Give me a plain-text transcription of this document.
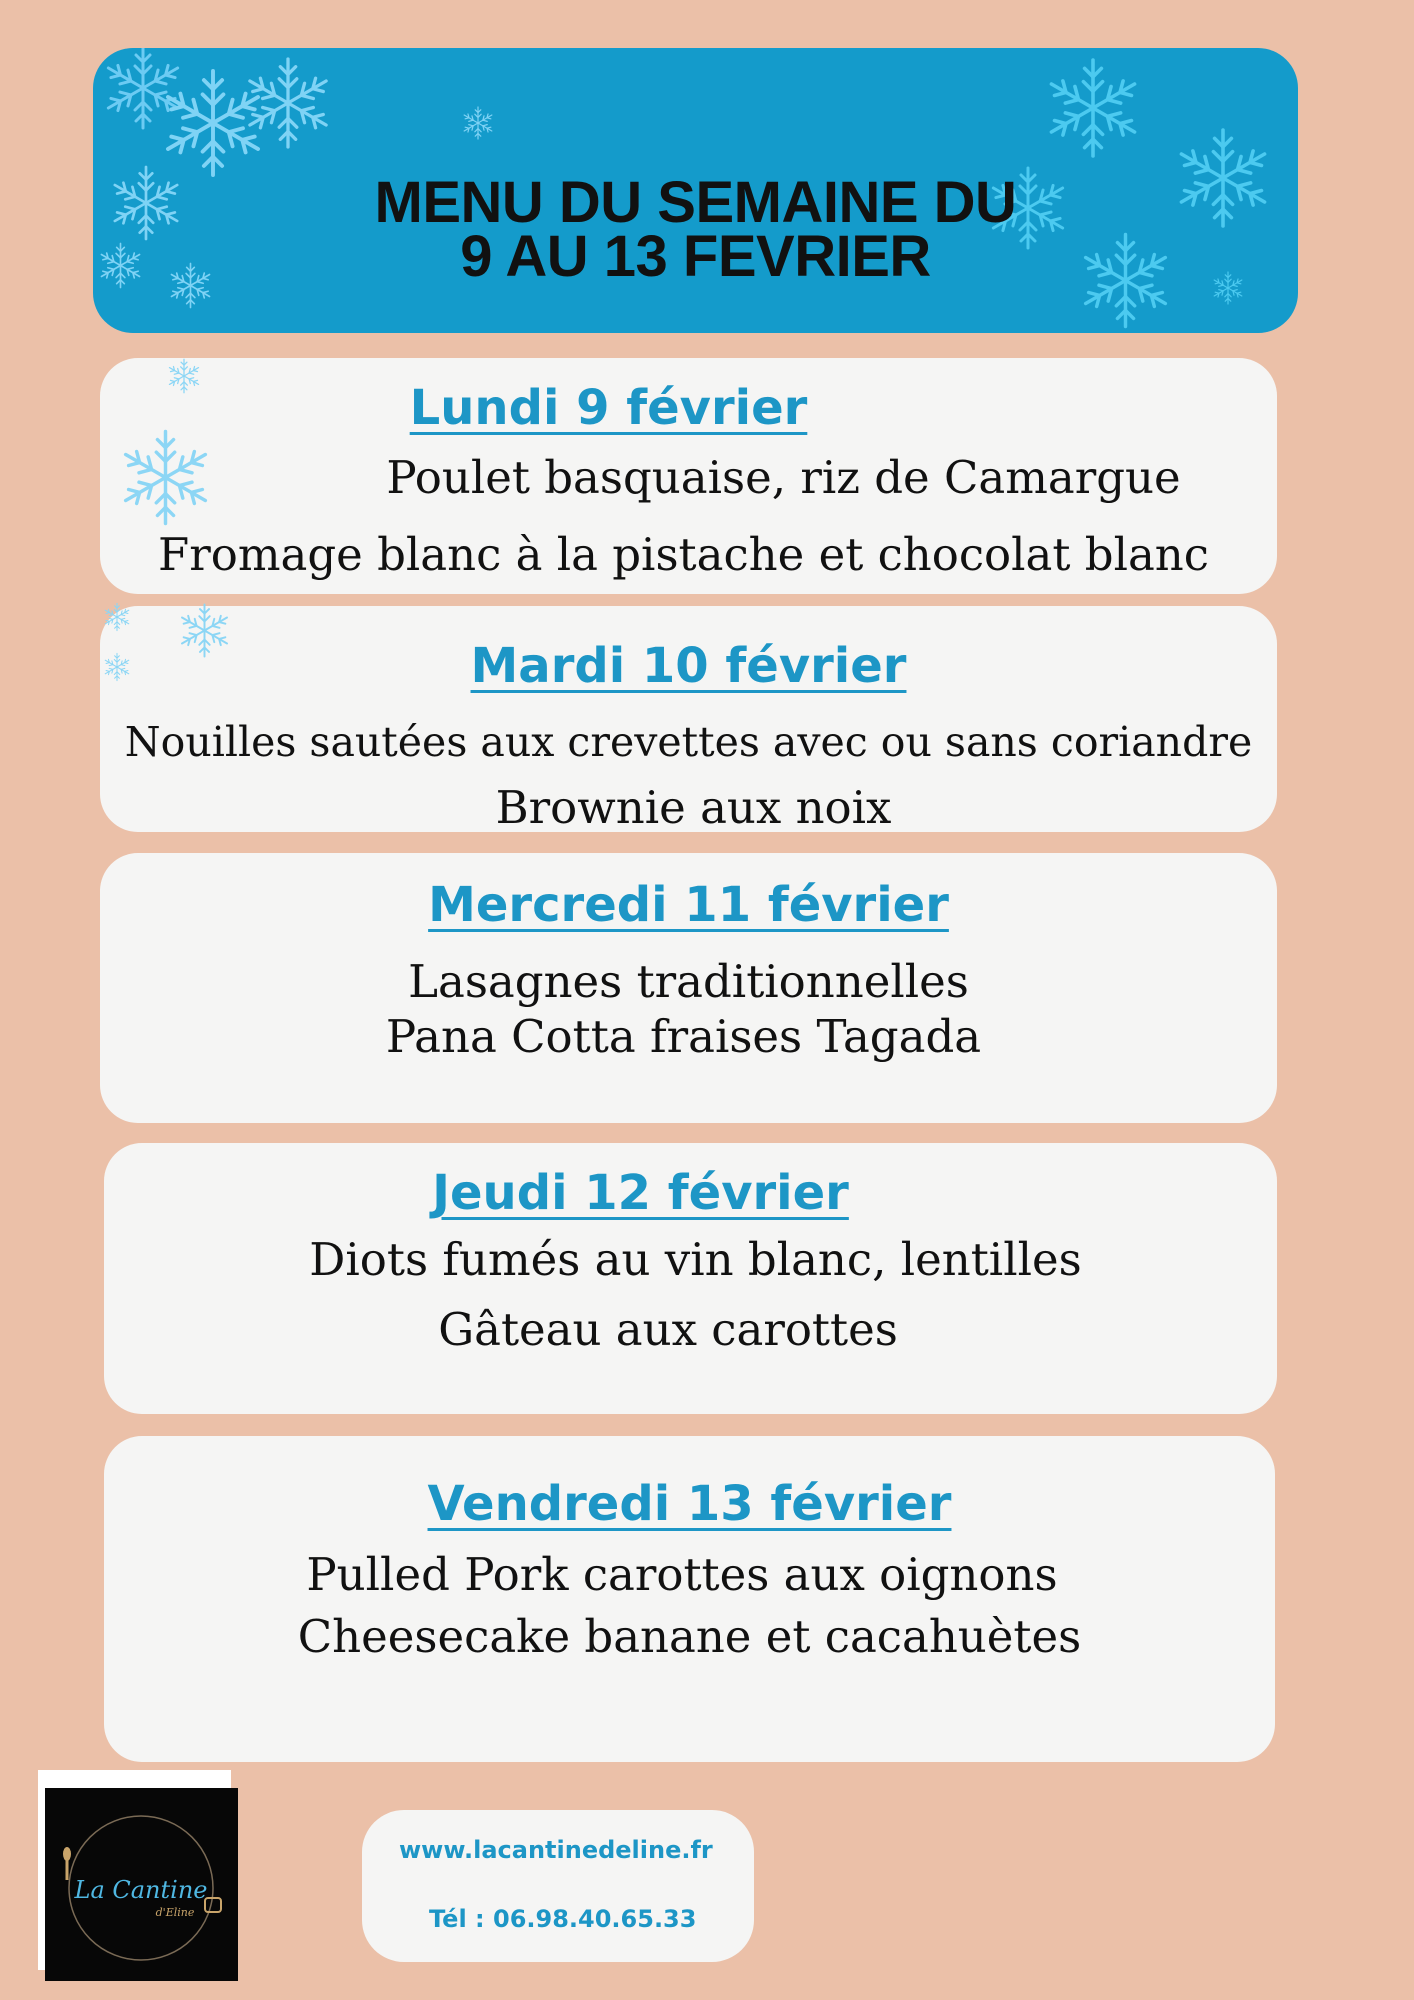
MENU DU SEMAINE DU
9 AU 13 FEVRIER
Lundi 9 février
Poulet basquaise, riz de Camargue
Fromage blanc à la pistache et chocolat blanc
Mardi 10 février
Nouilles sautées aux crevettes avec ou sans coriandre
Brownie aux noix
Mercredi 11 février
Lasagnes traditionnelles
Pana Cotta fraises Tagada
Jeudi 12 février
Diots fumés au vin blanc, lentilles
Gâteau aux carottes
Vendredi 13 février
Pulled Pork carottes aux oignons
Cheesecake banane et cacahuètes
La Cantine
d'Eline
www.lacantinedeline.fr
Tél : 06.98.40.65.33
